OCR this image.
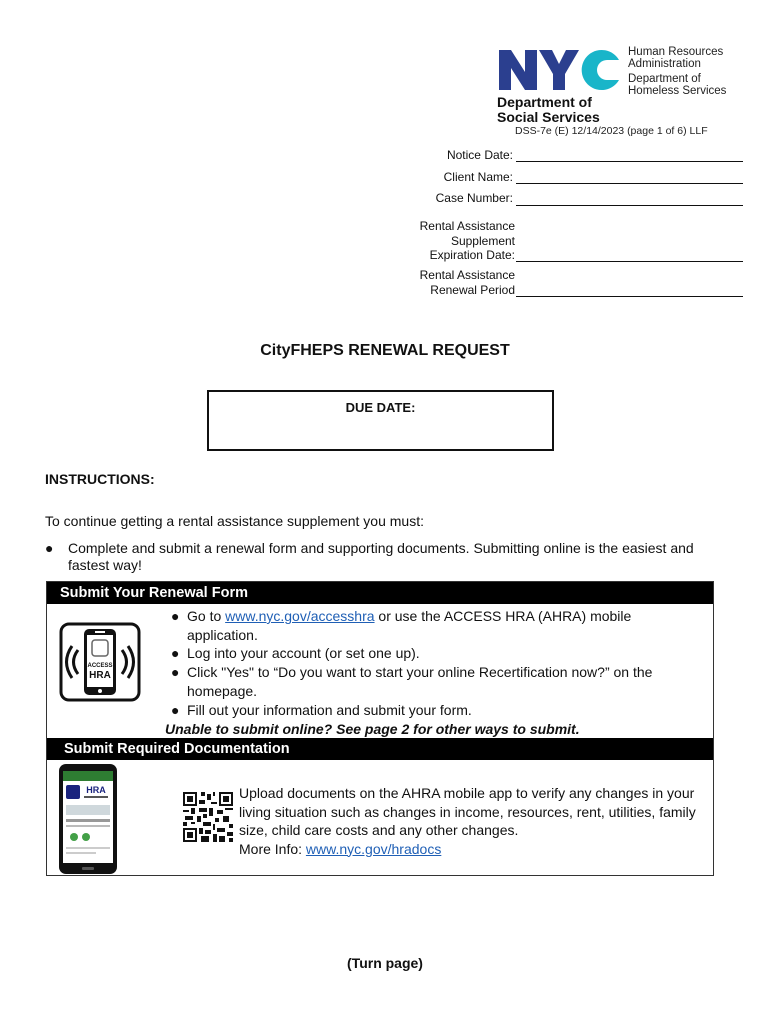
Human Resources
Administration
Department of
Homeless Services
Department of
Social Services
DSS-7e (E) 12/14/2023 (page 1 of 6) LLF
Notice Date:
Client Name:
Case Number:
Rental Assistance
Supplement
Expiration Date:
Rental Assistance
Renewal Period
CityFHEPS RENEWAL REQUEST
DUE DATE:
INSTRUCTIONS:
To continue getting a rental assistance supplement you must:
●	Complete and submit a renewal form and supporting documents. Submitting online is the easiest and fastest way!
Submit Your Renewal Form
ACCESS
HRA
● Go to www.nyc.gov/accesshra or use the ACCESS HRA (AHRA) mobile application.
● Log into your account (or set one up).
● Click "Yes" to “Do you want to start your online Recertification now?” on the homepage.
● Fill out your information and submit your form.
Unable to submit online? See page 2 for other ways to submit.
Submit Required Documentation
HRA	Upload documents on the AHRA mobile app to verify any changes in your living situation such as changes in income, resources, rent, utilities, family size, child care costs and any other changes.
More Info: www.nyc.gov/hradocs
(Turn page)
